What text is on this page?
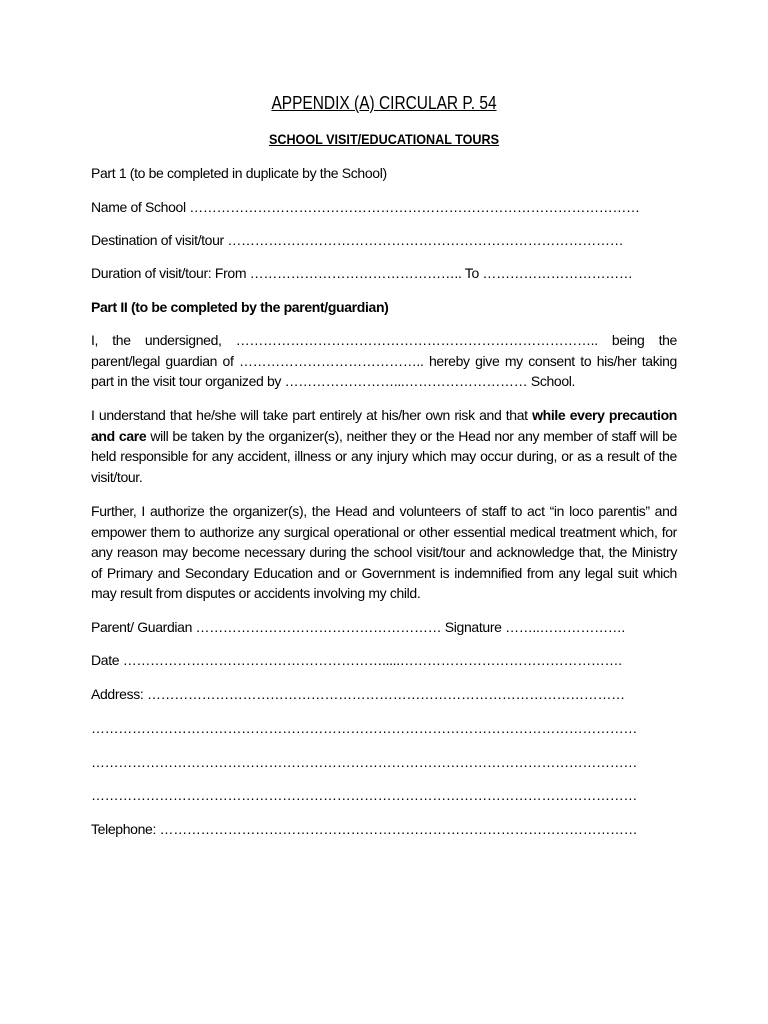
APPENDIX (A) CIRCULAR P. 54
SCHOOL VISIT/EDUCATIONAL TOURS

Part 1 (to be completed in duplicate by the School)

Name of School ………………………………………………………………………………………

Destination of visit/tour ……………………………………………………………………………

Duration of visit/tour: From ……………………………………….. To ……………………………

Part II (to be completed by the parent/guardian)

I, the undersigned, …………………………………………………………………….. being the parent/legal guardian of ………………………………….. hereby give my consent to his/her taking part in the visit tour organized by ……………………...……………………… School.

I understand that he/she will take part entirely at his/her own risk and that while every precaution and care will be taken by the organizer(s), neither they or the Head nor any member of staff will be held responsible for any accident, illness or any injury which may occur during, or as a result of the visit/tour.

Further, I authorize the organizer(s), the Head and volunteers of staff to act “in loco parentis” and empower them to authorize any surgical operational or other essential medical treatment which, for any reason may become necessary during the school visit/tour and acknowledge that, the Ministry of Primary and Secondary Education and or Government is indemnified from any legal suit which may result from disputes or accidents involving my child.

Parent/ Guardian ……………………………………………… Signature ……..……………….

Date ………………………………………………….....………………………………………….

Address: ……………………………………………………………………………………………

…………………………………………………………………………………………………………

…………………………………………………………………………………………………………

…………………………………………………………………………………………………………

Telephone: ……………………………………………………………………………………………
